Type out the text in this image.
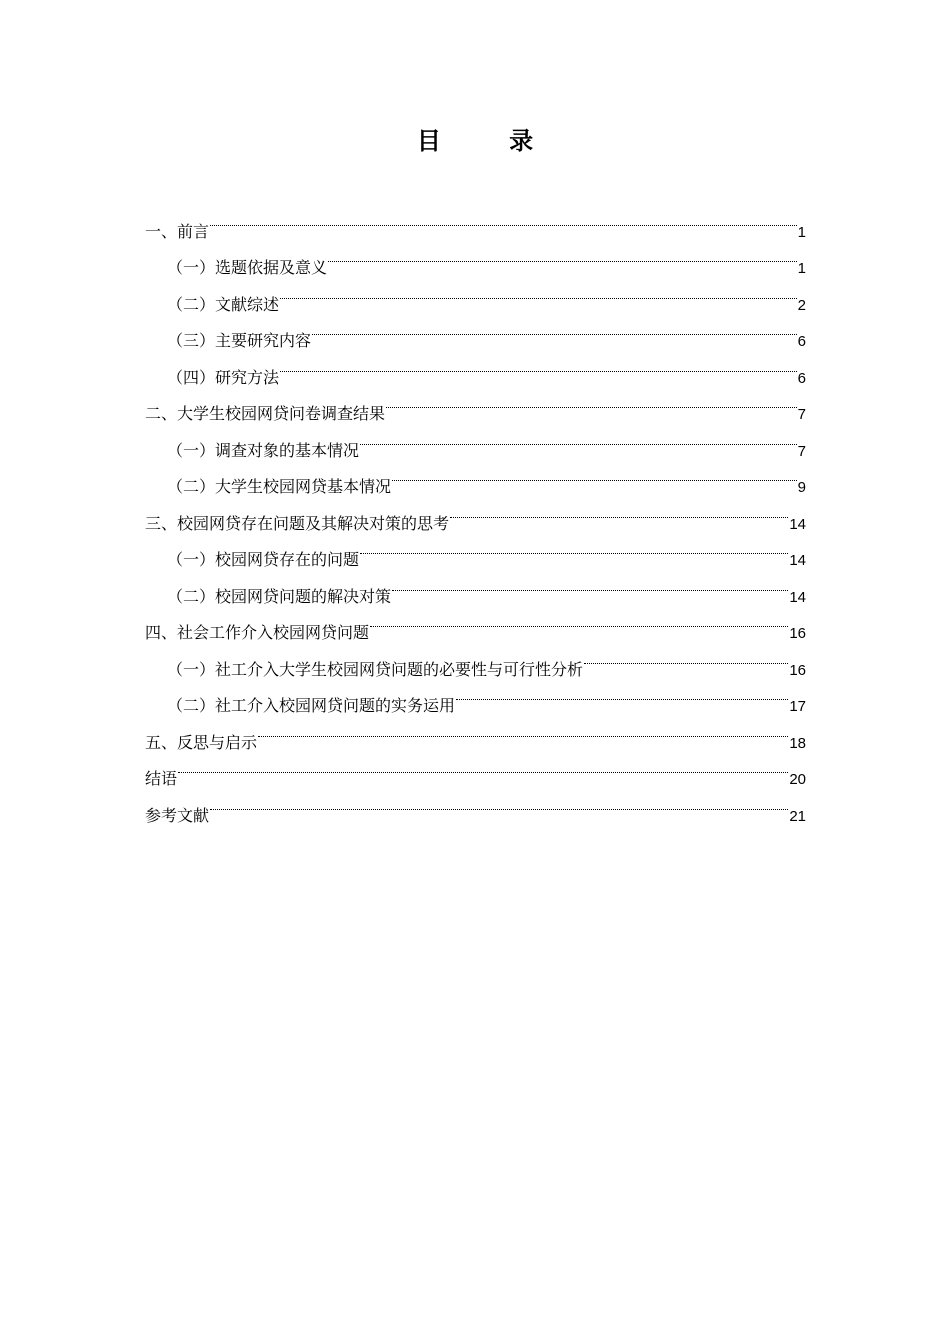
目 录
一、前言	1
（一）选题依据及意义	1
（二）文献综述	2
（三）主要研究内容	6
（四）研究方法	6
二、大学生校园网贷问卷调查结果	7
（一）调查对象的基本情况	7
（二）大学生校园网贷基本情况	9
三、校园网贷存在问题及其解决对策的思考	14
（一）校园网贷存在的问题	14
（二）校园网贷问题的解决对策	14
四、社会工作介入校园网贷问题	16
（一）社工介入大学生校园网贷问题的必要性与可行性分析	16
（二）社工介入校园网贷问题的实务运用	17
五、反思与启示	18
结语	20
参考文献	21
